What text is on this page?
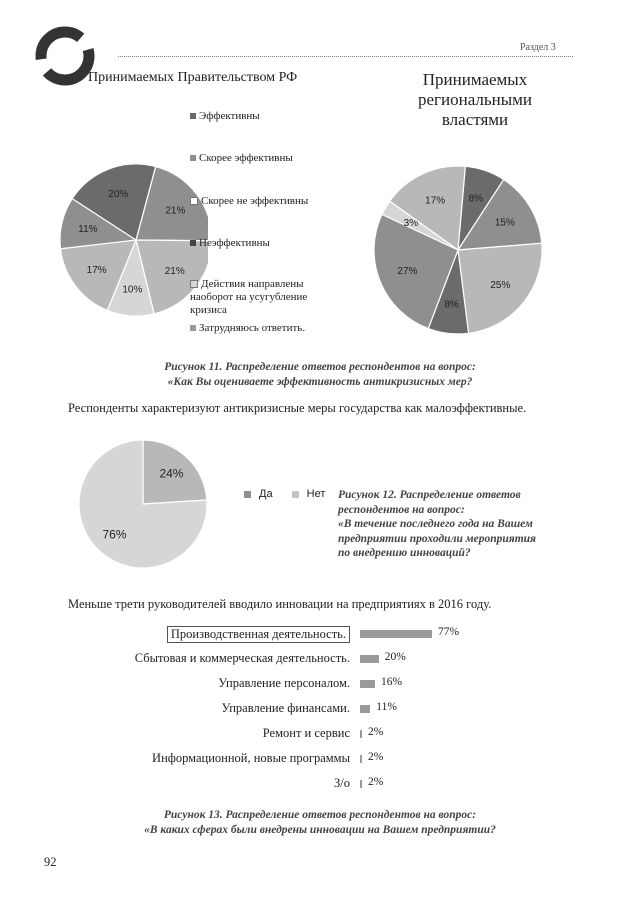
Раздел 3
Принимаемых Правительством РФ	Принимаемых региональными властями
21%
21%
10%
17%
11%
20%	8%
15%
25%
8%
27%
3%
17%
Эффективны
Скорее эффективны
Скорее не эффективны
Неэффективны
Действия направлены наоборот на усугубление кризиса
Затрудняюсь ответить.
Рисунок 11. Распределение ответов респондентов на вопрос:
«Как Вы оцениваете эффективность антикризисных мер?
Респонденты характеризуют антикризисные меры государства как малоэффективные.
24%
76%
Да	Нет	Рисунок 12. Распределение ответов
респондентов на вопрос:
«В течение последнего года на Вашем
предприятии проходили мероприятия
по внедрению инноваций?
Меньше трети руководителей вводило инновации на предприятиях в 2016 году.
Производственная деятельность.	77%
Сбытовая и коммерческая деятельность.	20%
Управление персоналом.	16%
Управление финансами. 11%
Ремонт и сервис 2%
Информационной, новые программы 2%
З/о 2%
Рисунок 13. Распределение ответов респондентов на вопрос:
«В каких сферах были внедрены инновации на Вашем предприятии?
92
